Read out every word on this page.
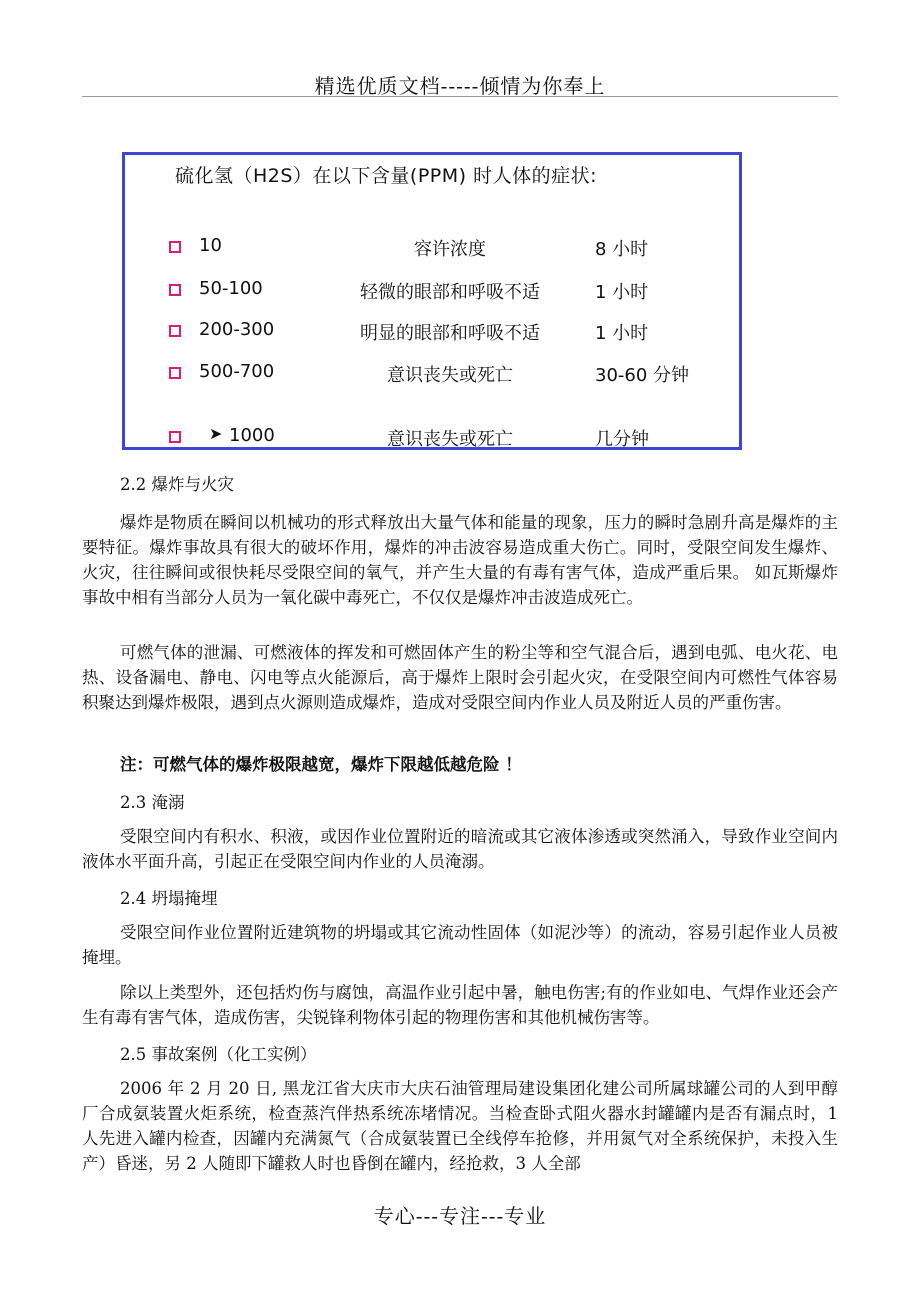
精选优质文档-----倾情为你奉上
硫化氢（H2S）在以下含量(PPM) 时人体的症状:
10	容许浓度	8 小时
50-100	轻微的眼部和呼吸不适	1 小时
200-300	明显的眼部和呼吸不适	1 小时
500-700	意识丧失或死亡	30-60 分钟
➤ 1000	意识丧失或死亡	几分钟
2.2 爆炸与火灾
爆炸是物质在瞬间以机械功的形式释放出大量气体和能量的现象，压力的瞬时急剧升高是爆炸的主要特征。爆炸事故具有很大的破坏作用，爆炸的冲击波容易造成重大伤亡。同时，受限空间发生爆炸、火灾，往往瞬间或很快耗尽受限空间的氧气，并产生大量的有毒有害气体，造成严重后果。 如瓦斯爆炸事故中相有当部分人员为一氧化碳中毒死亡，不仅仅是爆炸冲击波造成死亡。
可燃气体的泄漏、可燃液体的挥发和可燃固体产生的粉尘等和空气混合后，遇到电弧、电火花、电热、设备漏电、静电、闪电等点火能源后，高于爆炸上限时会引起火灾，在受限空间内可燃性气体容易积聚达到爆炸极限，遇到点火源则造成爆炸，造成对受限空间内作业人员及附近人员的严重伤害。
注：可燃气体的爆炸极限越宽，爆炸下限越低越危险 ！
2.3 淹溺
受限空间内有积水、积液，或因作业位置附近的暗流或其它液体渗透或突然涌入，导致作业空间内液体水平面升高，引起正在受限空间内作业的人员淹溺。
2.4 坍塌掩埋
受限空间作业位置附近建筑物的坍塌或其它流动性固体（如泥沙等）的流动，容易引起作业人员被掩埋。
除以上类型外，还包括灼伤与腐蚀，高温作业引起中暑，触电伤害;有的作业如电、气焊作业还会产生有毒有害气体，造成伤害，尖锐锋利物体引起的物理伤害和其他机械伤害等。
2.5 事故案例（化工实例）
2006 年 2 月 20 日, 黑龙江省大庆市大庆石油管理局建设集团化建公司所属球罐公司的人到甲醇厂合成氨装置火炬系统，检查蒸汽伴热系统冻堵情况。当检查卧式阻火器水封罐罐内是否有漏点时，1 人先进入罐内检查，因罐内充满氮气（合成氨装置已全线停车抢修，并用氮气对全系统保护，未投入生产）昏迷，另 2 人随即下罐救人时也昏倒在罐内，经抢救，3 人全部
专心---专注---专业
